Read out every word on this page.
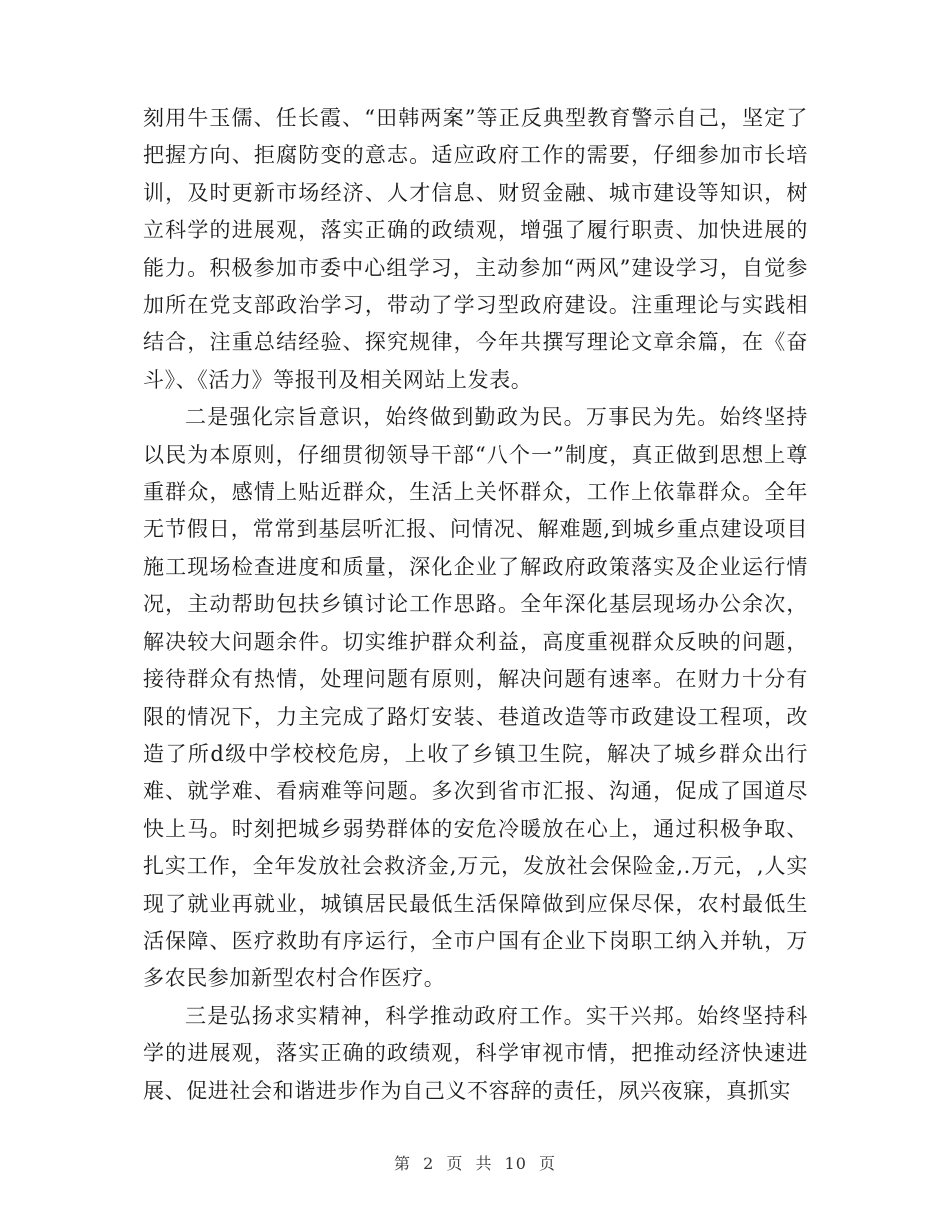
刻用牛玉儒、任长霞、“田韩两案”等正反典型教育警示自己，坚定了把握方向、拒腐防变的意志。适应政府工作的需要，仔细参加市长培训，及时更新市场经济、人才信息、财贸金融、城市建设等知识，树立科学的进展观，落实正确的政绩观，增强了履行职责、加快进展的能力。积极参加市委中心组学习，主动参加“两风”建设学习，自觉参加所在党支部政治学习，带动了学习型政府建设。注重理论与实践相结合，注重总结经验、探究规律，今年共撰写理论文章余篇，在《奋斗》、《活力》等报刊及相关网站上发表。

二是强化宗旨意识，始终做到勤政为民。万事民为先。始终坚持以民为本原则，仔细贯彻领导干部“八个一”制度，真正做到思想上尊重群众，感情上贴近群众，生活上关怀群众，工作上依靠群众。全年无节假日，常常到基层听汇报、问情况、解难题,到城乡重点建设项目施工现场检查进度和质量，深化企业了解政府政策落实及企业运行情况，主动帮助包扶乡镇讨论工作思路。全年深化基层现场办公余次，解决较大问题余件。切实维护群众利益，高度重视群众反映的问题，接待群众有热情，处理问题有原则，解决问题有速率。在财力十分有限的情况下，力主完成了路灯安装、巷道改造等市政建设工程项，改造了所d级中学校校危房，上收了乡镇卫生院，解决了城乡群众出行难、就学难、看病难等问题。多次到省市汇报、沟通，促成了国道尽快上马。时刻把城乡弱势群体的安危冷暖放在心上，通过积极争取、扎实工作，全年发放社会救济金,万元，发放社会保险金,.万元，,人实现了就业再就业，城镇居民最低生活保障做到应保尽保，农村最低生活保障、医疗救助有序运行，全市户国有企业下岗职工纳入并轨，万多农民参加新型农村合作医疗。

三是弘扬求实精神，科学推动政府工作。实干兴邦。始终坚持科学的进展观，落实正确的政绩观，科学审视市情，把推动经济快速进展、促进社会和谐进步作为自己义不容辞的责任，夙兴夜寐，真抓实

第 2 页 共 10 页
